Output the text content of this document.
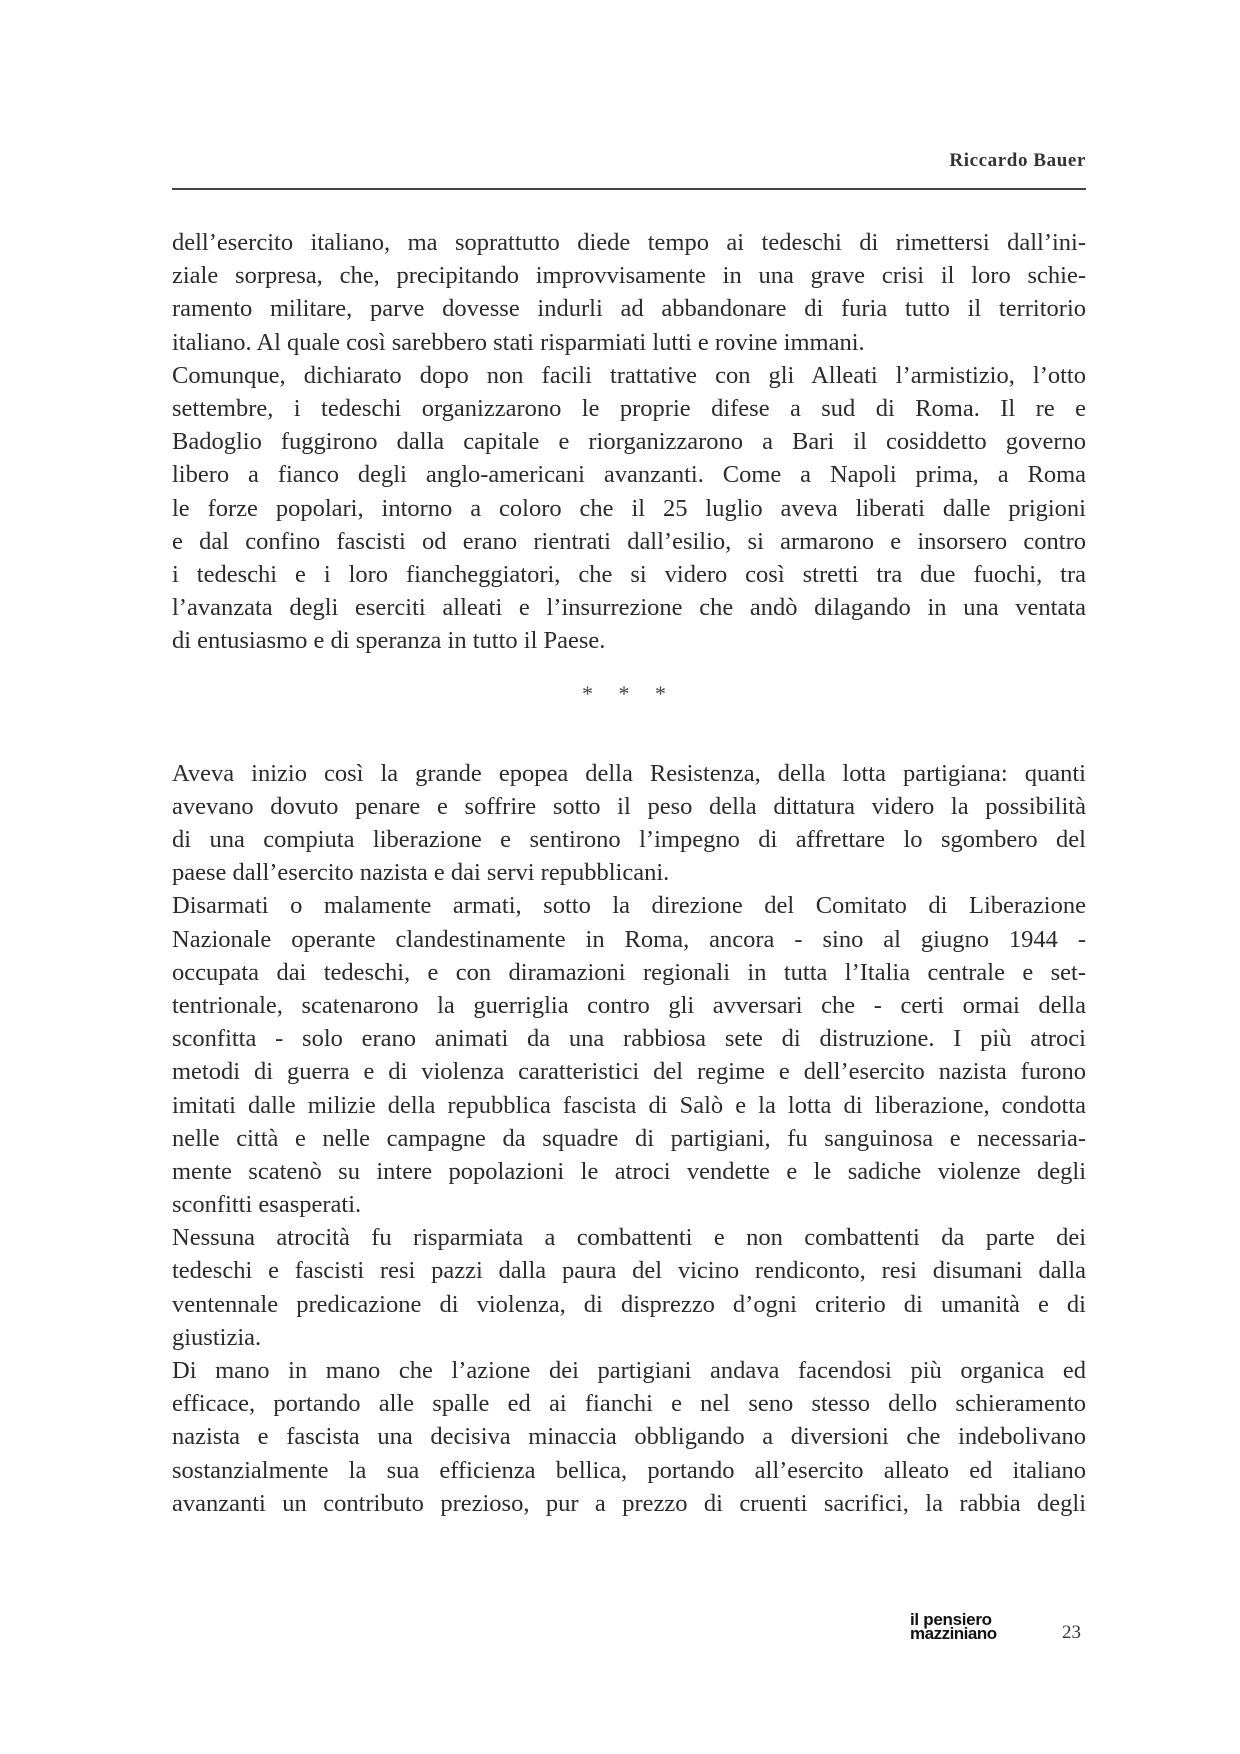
Riccardo Bauer
dell’esercito italiano, ma soprattutto diede tempo ai tedeschi di rimettersi dall’ini-
ziale sorpresa, che, precipitando improvvisamente in una grave crisi il loro schie-
ramento militare, parve dovesse indurli ad abbandonare di furia tutto il territorio
italiano. Al quale così sarebbero stati risparmiati lutti e rovine immani.
Comunque, dichiarato dopo non facili trattative con gli Alleati l’armistizio, l’otto
settembre, i tedeschi organizzarono le proprie difese a sud di Roma. Il re e
Badoglio fuggirono dalla capitale e riorganizzarono a Bari il cosiddetto governo
libero a fianco degli anglo-americani avanzanti. Come a Napoli prima, a Roma
le forze popolari, intorno a coloro che il 25 luglio aveva liberati dalle prigioni
e dal confino fascisti od erano rientrati dall’esilio, si armarono e insorsero contro
i tedeschi e i loro fiancheggiatori, che si videro così stretti tra due fuochi, tra
l’avanzata degli eserciti alleati e l’insurrezione che andò dilagando in una ventata
di entusiasmo e di speranza in tutto il Paese.
* * *
Aveva inizio così la grande epopea della Resistenza, della lotta partigiana: quanti
avevano dovuto penare e soffrire sotto il peso della dittatura videro la possibilità
di una compiuta liberazione e sentirono l’impegno di affrettare lo sgombero del
paese dall’esercito nazista e dai servi repubblicani.
Disarmati o malamente armati, sotto la direzione del Comitato di Liberazione
Nazionale operante clandestinamente in Roma, ancora - sino al giugno 1944 -
occupata dai tedeschi, e con diramazioni regionali in tutta l’Italia centrale e set-
tentrionale, scatenarono la guerriglia contro gli avversari che - certi ormai della
sconfitta - solo erano animati da una rabbiosa sete di distruzione. I più atroci
metodi di guerra e di violenza caratteristici del regime e dell’esercito nazista furono
imitati dalle milizie della repubblica fascista di Salò e la lotta di liberazione, condotta
nelle città e nelle campagne da squadre di partigiani, fu sanguinosa e necessaria-
mente scatenò su intere popolazioni le atroci vendette e le sadiche violenze degli
sconfitti esasperati.
Nessuna atrocità fu risparmiata a combattenti e non combattenti da parte dei
tedeschi e fascisti resi pazzi dalla paura del vicino rendiconto, resi disumani dalla
ventennale predicazione di violenza, di disprezzo d’ogni criterio di umanità e di
giustizia.
Di mano in mano che l’azione dei partigiani andava facendosi più organica ed
efficace, portando alle spalle ed ai fianchi e nel seno stesso dello schieramento
nazista e fascista una decisiva minaccia obbligando a diversioni che indebolivano
sostanzialmente la sua efficienza bellica, portando all’esercito alleato ed italiano
avanzanti un contributo prezioso, pur a prezzo di cruenti sacrifici, la rabbia degli
il pensiero
mazziniano	23
